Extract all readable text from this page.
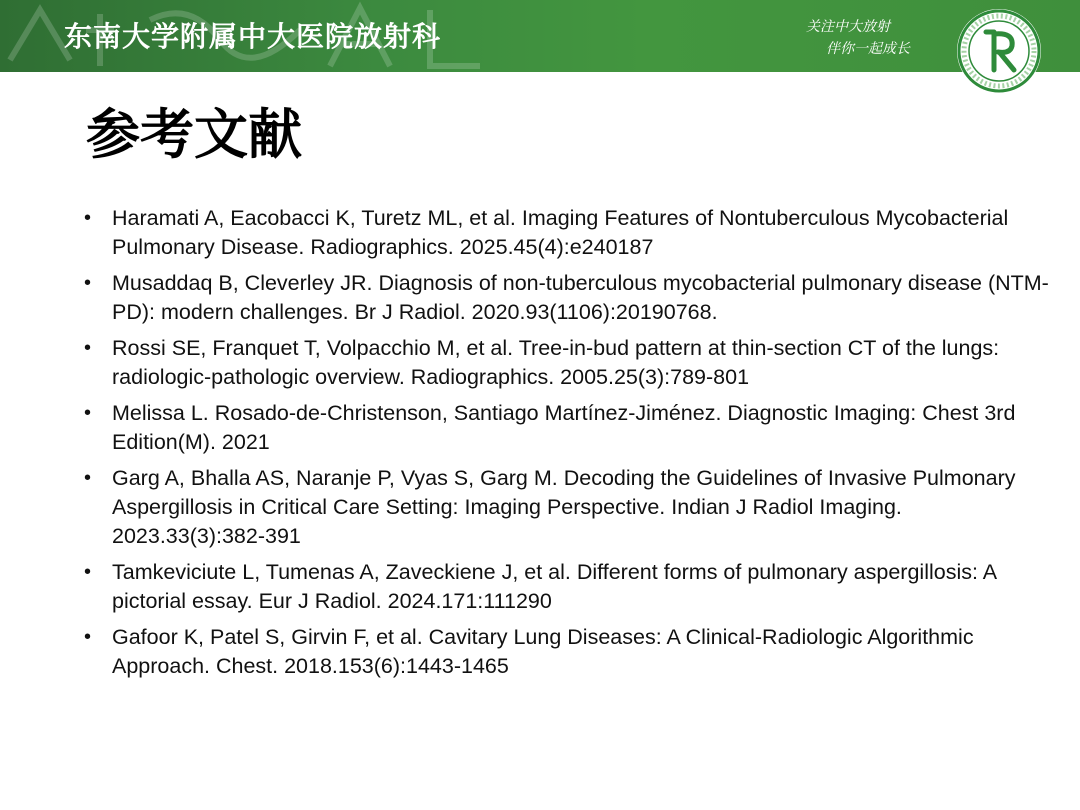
东南大学附属中大医院放射科	关注中大放射
伴你一起成长
参考文献
• Haramati A, Eacobacci K, Turetz ML, et al. Imaging Features of Nontuberculous Mycobacterial Pulmonary Disease. Radiographics. 2025.45(4):e240187
• Musaddaq B, Cleverley JR. Diagnosis of non-tuberculous mycobacterial pulmonary disease (NTM-PD): modern challenges. Br J Radiol. 2020.93(1106):20190768.
• Rossi SE, Franquet T, Volpacchio M, et al. Tree-in-bud pattern at thin-section CT of the lungs: radiologic-pathologic overview. Radiographics. 2005.25(3):789-801
• Melissa L. Rosado-de-Christenson, Santiago Martínez-Jiménez. Diagnostic Imaging: Chest 3rd Edition(M). 2021
• Garg A, Bhalla AS, Naranje P, Vyas S, Garg M. Decoding the Guidelines of Invasive Pulmonary Aspergillosis in Critical Care Setting: Imaging Perspective. Indian J Radiol Imaging. 2023.33(3):382-391
• Tamkeviciute L, Tumenas A, Zaveckiene J, et al. Different forms of pulmonary aspergillosis: A pictorial essay. Eur J Radiol. 2024.171:111290
• Gafoor K, Patel S, Girvin F, et al. Cavitary Lung Diseases: A Clinical-Radiologic Algorithmic Approach. Chest. 2018.153(6):1443-1465
